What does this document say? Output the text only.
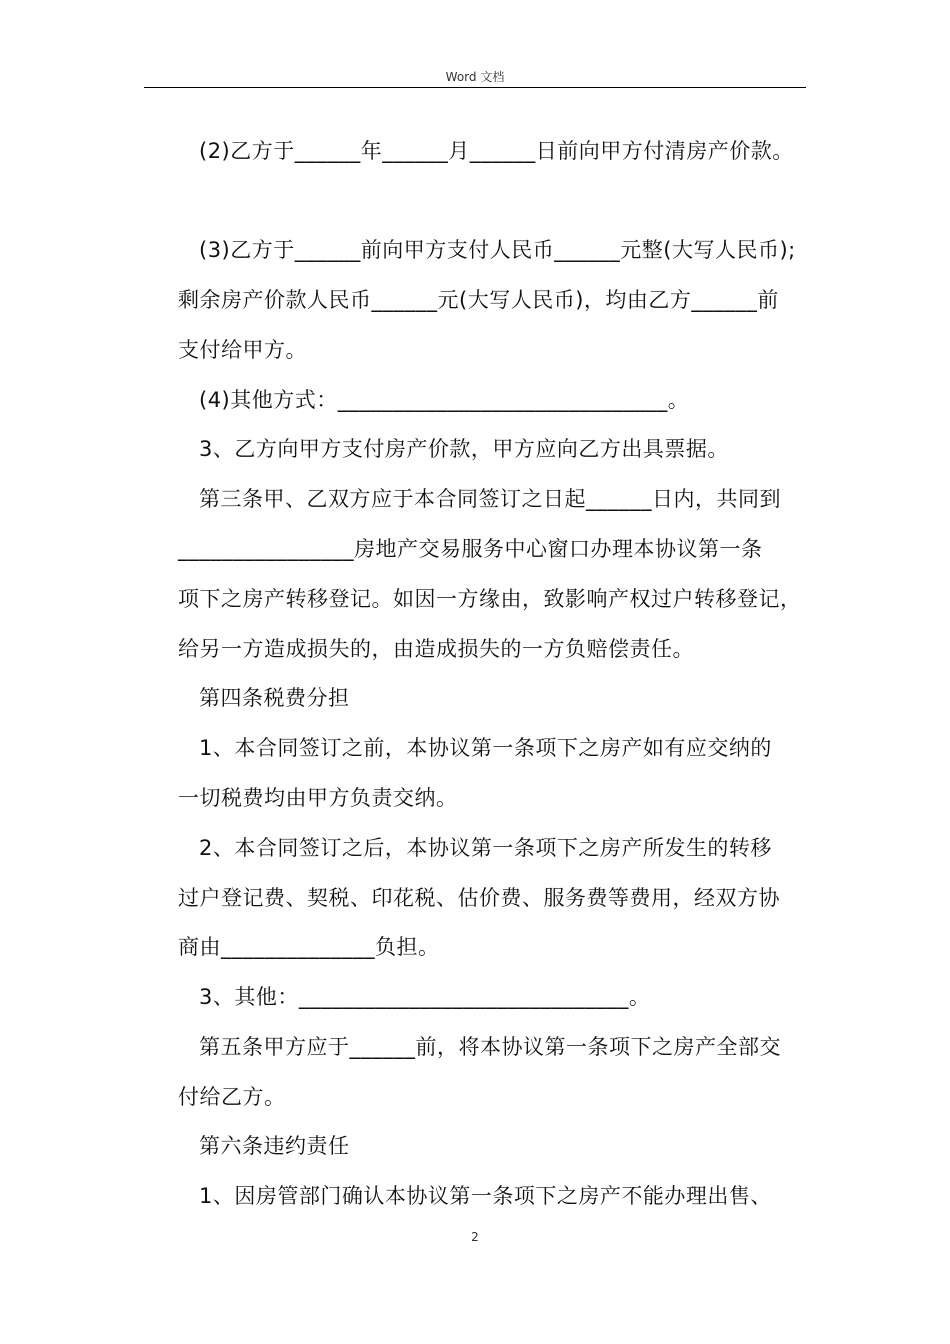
Word 文档
(2)乙方于______年______月______日前向甲方付清房产价款。
(3)乙方于______前向甲方支付人民币______元整(大写人民币);
剩余房产价款人民币______元(大写人民币)，均由乙方______前
支付给甲方。
(4)其他方式：______________________________。
3、乙方向甲方支付房产价款，甲方应向乙方出具票据。
第三条甲、乙双方应于本合同签订之日起______日内，共同到
________________房地产交易服务中心窗口办理本协议第一条
项下之房产转移登记。如因一方缘由，致影响产权过户转移登记，
给另一方造成损失的，由造成损失的一方负赔偿责任。
第四条税费分担
1、本合同签订之前，本协议第一条项下之房产如有应交纳的
一切税费均由甲方负责交纳。
2、本合同签订之后，本协议第一条项下之房产所发生的转移
过户登记费、契税、印花税、估价费、服务费等费用，经双方协
商由______________负担。
3、其他：______________________________。
第五条甲方应于______前，将本协议第一条项下之房产全部交
付给乙方。
第六条违约责任
1、因房管部门确认本协议第一条项下之房产不能办理出售、
2
